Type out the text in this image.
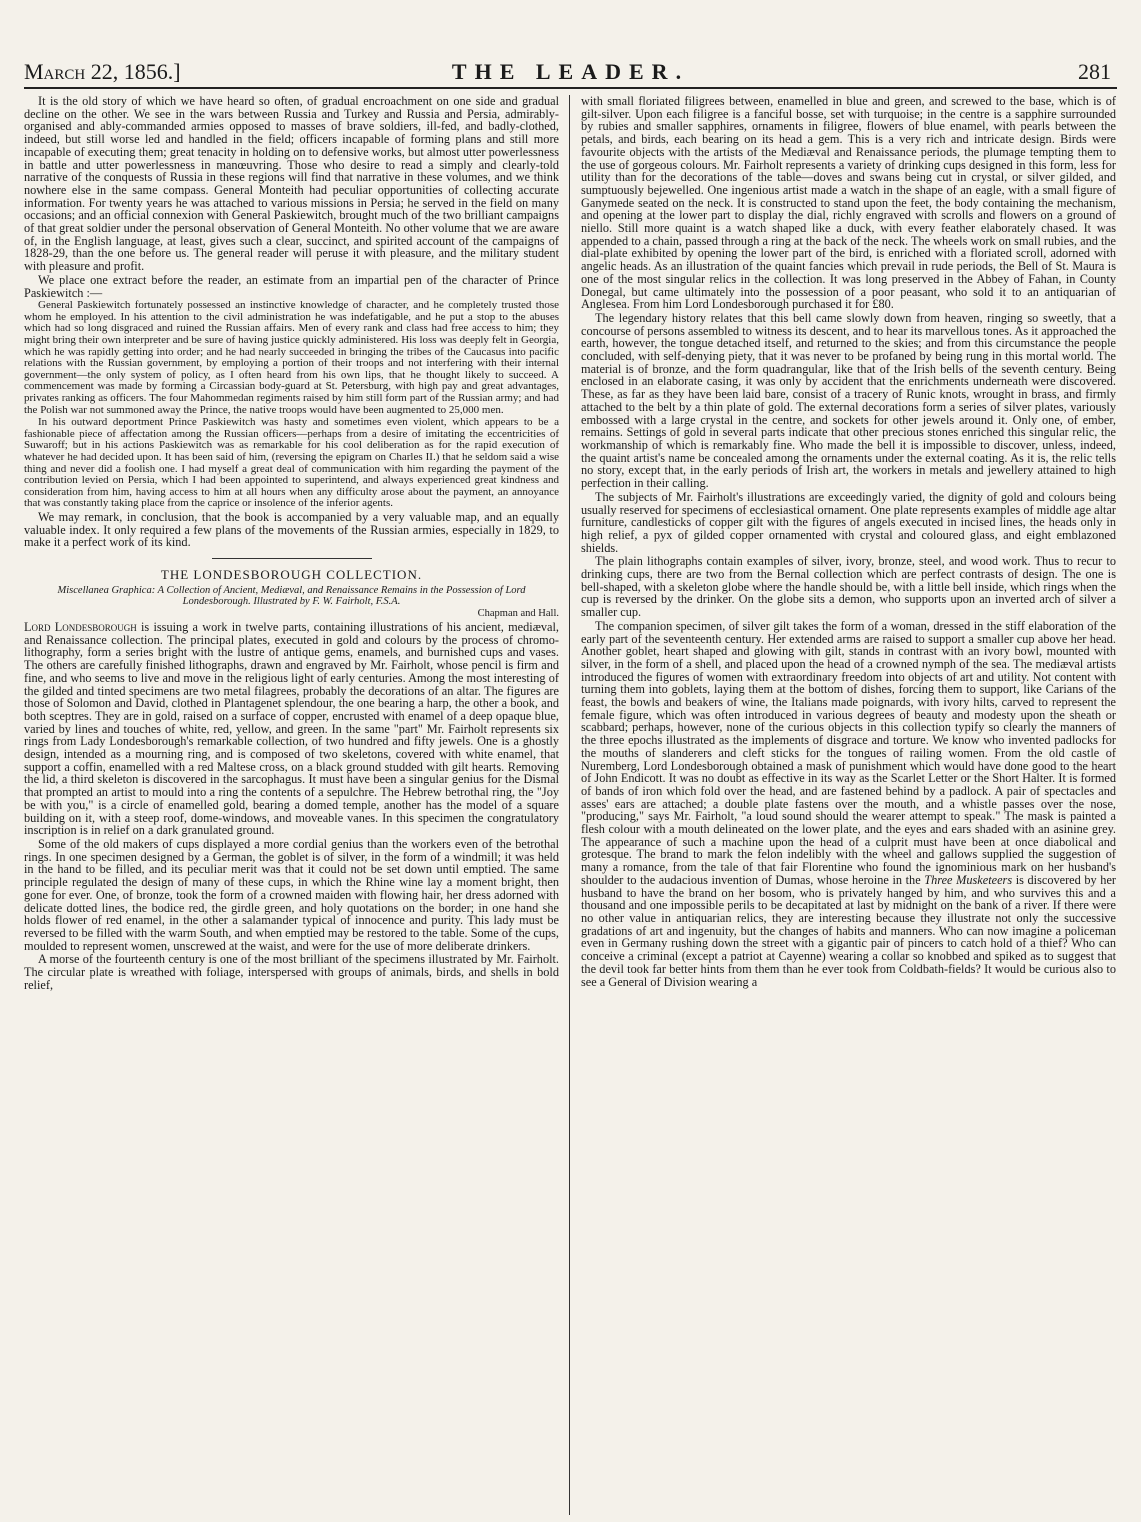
March 22, 1856.]	THE LEADER.	281

It is the old story of which we have heard so often, of gradual encroachment on one side and gradual decline on the other. We see in the wars between Russia and Turkey and Russia and Persia, admirably-organised and ably-commanded armies opposed to masses of brave soldiers, ill-fed, and badly-clothed, indeed, but still worse led and handled in the field; officers incapable of forming plans and still more incapable of executing them; great tenacity in holding on to defensive works, but almost utter powerlessness in battle and utter powerlessness in manœuvring. Those who desire to read a simply and clearly-told narrative of the conquests of Russia in these regions will find that narrative in these volumes, and we think nowhere else in the same compass. General Monteith had peculiar opportunities of collecting accurate information. For twenty years he was attached to various missions in Persia; he served in the field on many occasions; and an official connexion with General Paskiewitch, brought much of the two brilliant campaigns of that great soldier under the personal observation of General Monteith. No other volume that we are aware of, in the English language, at least, gives such a clear, succinct, and spirited account of the campaigns of 1828-29, than the one before us. The general reader will peruse it with pleasure, and the military student with pleasure and profit.

We place one extract before the reader, an estimate from an impartial pen of the character of Prince Paskiewitch :—

General Paskiewitch fortunately possessed an instinctive knowledge of character, and he completely trusted those whom he employed. In his attention to the civil administration he was indefatigable, and he put a stop to the abuses which had so long disgraced and ruined the Russian affairs. Men of every rank and class had free access to him; they might bring their own interpreter and be sure of having justice quickly administered. His loss was deeply felt in Georgia, which he was rapidly getting into order; and he had nearly succeeded in bringing the tribes of the Caucasus into pacific relations with the Russian government, by employing a portion of their troops and not interfering with their internal government—the only system of policy, as I often heard from his own lips, that he thought likely to succeed. A commencement was made by forming a Circassian body-guard at St. Petersburg, with high pay and great advantages, privates ranking as officers. The four Mahommedan regiments raised by him still form part of the Russian army; and had the Polish war not summoned away the Prince, the native troops would have been augmented to 25,000 men.

In his outward deportment Prince Paskiewitch was hasty and sometimes even violent, which appears to be a fashionable piece of affectation among the Russian officers—perhaps from a desire of imitating the eccentricities of Suwaroff; but in his actions Paskiewitch was as remarkable for his cool deliberation as for the rapid execution of whatever he had decided upon. It has been said of him, (reversing the epigram on Charles II.) that he seldom said a wise thing and never did a foolish one. I had myself a great deal of communication with him regarding the payment of the contribution levied on Persia, which I had been appointed to superintend, and always experienced great kindness and consideration from him, having access to him at all hours when any difficulty arose about the payment, an annoyance that was constantly taking place from the caprice or insolence of the inferior agents.

We may remark, in conclusion, that the book is accompanied by a very valuable map, and an equally valuable index. It only required a few plans of the movements of the Russian armies, especially in 1829, to make it a perfect work of its kind.

THE LONDESBOROUGH COLLECTION.
Miscellanea Graphica: A Collection of Ancient, Mediæval, and Renaissance Remains in the Possession of Lord Londesborough. Illustrated by F. W. Fairholt, F.S.A.
Chapman and Hall.

Lord Londesborough is issuing a work in twelve parts, containing illustrations of his ancient, mediæval, and Renaissance collection. The principal plates, executed in gold and colours by the process of chromo-lithography, form a series bright with the lustre of antique gems, enamels, and burnished cups and vases. The others are carefully finished lithographs, drawn and engraved by Mr. Fairholt, whose pencil is firm and fine, and who seems to live and move in the religious light of early centuries. Among the most interesting of the gilded and tinted specimens are two metal filagrees, probably the decorations of an altar. The figures are those of Solomon and David, clothed in Plantagenet splendour, the one bearing a harp, the other a book, and both sceptres. They are in gold, raised on a surface of copper, encrusted with enamel of a deep opaque blue, varied by lines and touches of white, red, yellow, and green. In the same "part" Mr. Fairholt represents six rings from Lady Londesborough's remarkable collection, of two hundred and fifty jewels. One is a ghostly design, intended as a mourning ring, and is composed of two skeletons, covered with white enamel, that support a coffin, enamelled with a red Maltese cross, on a black ground studded with gilt hearts. Removing the lid, a third skeleton is discovered in the sarcophagus. It must have been a singular genius for the Dismal that prompted an artist to mould into a ring the contents of a sepulchre. The Hebrew betrothal ring, the "Joy be with you," is a circle of enamelled gold, bearing a domed temple, another has the model of a square building on it, with a steep roof, dome-windows, and moveable vanes. In this specimen the congratulatory inscription is in relief on a dark granulated ground.

Some of the old makers of cups displayed a more cordial genius than the workers even of the betrothal rings. In one specimen designed by a German, the goblet is of silver, in the form of a windmill; it was held in the hand to be filled, and its peculiar merit was that it could not be set down until emptied. The same principle regulated the design of many of these cups, in which the Rhine wine lay a moment bright, then gone for ever. One, of bronze, took the form of a crowned maiden with flowing hair, her dress adorned with delicate dotted lines, the bodice red, the girdle green, and holy quotations on the border; in one hand she holds flower of red enamel, in the other a salamander typical of innocence and purity. This lady must be reversed to be filled with the warm South, and when emptied may be restored to the table. Some of the cups, moulded to represent women, unscrewed at the waist, and were for the use of more deliberate drinkers.

A morse of the fourteenth century is one of the most brilliant of the specimens illustrated by Mr. Fairholt. The circular plate is wreathed with foliage, interspersed with groups of animals, birds, and shells in bold relief,

with small floriated filigrees between, enamelled in blue and green, and screwed to the base, which is of gilt-silver. Upon each filigree is a fanciful bosse, set with turquoise; in the centre is a sapphire surrounded by rubies and smaller sapphires, ornaments in filigree, flowers of blue enamel, with pearls between the petals, and birds, each bearing on its head a gem. This is a very rich and intricate design. Birds were favourite objects with the artists of the Mediæval and Renaissance periods, the plumage tempting them to the use of gorgeous colours. Mr. Fairholt represents a variety of drinking cups designed in this form, less for utility than for the decorations of the table—doves and swans being cut in crystal, or silver gilded, and sumptuously bejewelled. One ingenious artist made a watch in the shape of an eagle, with a small figure of Ganymede seated on the neck. It is constructed to stand upon the feet, the body containing the mechanism, and opening at the lower part to display the dial, richly engraved with scrolls and flowers on a ground of niello. Still more quaint is a watch shaped like a duck, with every feather elaborately chased. It was appended to a chain, passed through a ring at the back of the neck. The wheels work on small rubies, and the dial-plate exhibited by opening the lower part of the bird, is enriched with a floriated scroll, adorned with angelic heads. As an illustration of the quaint fancies which prevail in rude periods, the Bell of St. Maura is one of the most singular relics in the collection. It was long preserved in the Abbey of Fahan, in County Donegal, but came ultimately into the possession of a poor peasant, who sold it to an antiquarian of Anglesea. From him Lord Londesborough purchased it for £80.

The legendary history relates that this bell came slowly down from heaven, ringing so sweetly, that a concourse of persons assembled to witness its descent, and to hear its marvellous tones. As it approached the earth, however, the tongue detached itself, and returned to the skies; and from this circumstance the people concluded, with self-denying piety, that it was never to be profaned by being rung in this mortal world. The material is of bronze, and the form quadrangular, like that of the Irish bells of the seventh century. Being enclosed in an elaborate casing, it was only by accident that the enrichments underneath were discovered. These, as far as they have been laid bare, consist of a tracery of Runic knots, wrought in brass, and firmly attached to the belt by a thin plate of gold. The external decorations form a series of silver plates, variously embossed with a large crystal in the centre, and sockets for other jewels around it. Only one, of ember, remains. Settings of gold in several parts indicate that other precious stones enriched this singular relic, the workmanship of which is remarkably fine. Who made the bell it is impossible to discover, unless, indeed, the quaint artist's name be concealed among the ornaments under the external coating. As it is, the relic tells no story, except that, in the early periods of Irish art, the workers in metals and jewellery attained to high perfection in their calling.

The subjects of Mr. Fairholt's illustrations are exceedingly varied, the dignity of gold and colours being usually reserved for specimens of ecclesiastical ornament. One plate represents examples of middle age altar furniture, candlesticks of copper gilt with the figures of angels executed in incised lines, the heads only in high relief, a pyx of gilded copper ornamented with crystal and coloured glass, and eight emblazoned shields.

The plain lithographs contain examples of silver, ivory, bronze, steel, and wood work. Thus to recur to drinking cups, there are two from the Bernal collection which are perfect contrasts of design. The one is bell-shaped, with a skeleton globe where the handle should be, with a little bell inside, which rings when the cup is reversed by the drinker. On the globe sits a demon, who supports upon an inverted arch of silver a smaller cup.

The companion specimen, of silver gilt takes the form of a woman, dressed in the stiff elaboration of the early part of the seventeenth century. Her extended arms are raised to support a smaller cup above her head. Another goblet, heart shaped and glowing with gilt, stands in contrast with an ivory bowl, mounted with silver, in the form of a shell, and placed upon the head of a crowned nymph of the sea. The mediæval artists introduced the figures of women with extraordinary freedom into objects of art and utility. Not content with turning them into goblets, laying them at the bottom of dishes, forcing them to support, like Carians of the feast, the bowls and beakers of wine, the Italians made poignards, with ivory hilts, carved to represent the female figure, which was often introduced in various degrees of beauty and modesty upon the sheath or scabbard; perhaps, however, none of the curious objects in this collection typify so clearly the manners of the three epochs illustrated as the implements of disgrace and torture. We know who invented padlocks for the mouths of slanderers and cleft sticks for the tongues of railing women. From the old castle of Nuremberg, Lord Londesborough obtained a mask of punishment which would have done good to the heart of John Endicott. It was no doubt as effective in its way as the Scarlet Letter or the Short Halter. It is formed of bands of iron which fold over the head, and are fastened behind by a padlock. A pair of spectacles and asses' ears are attached; a double plate fastens over the mouth, and a whistle passes over the nose, "producing," says Mr. Fairholt, "a loud sound should the wearer attempt to speak." The mask is painted a flesh colour with a mouth delineated on the lower plate, and the eyes and ears shaded with an asinine grey. The appearance of such a machine upon the head of a culprit must have been at once diabolical and grotesque. The brand to mark the felon indelibly with the wheel and gallows supplied the suggestion of many a romance, from the tale of that fair Florentine who found the ignominious mark on her husband's shoulder to the audacious invention of Dumas, whose heroine in the Three Musketeers is discovered by her husband to have the brand on her bosom, who is privately hanged by him, and who survives this and a thousand and one impossible perils to be decapitated at last by midnight on the bank of a river. If there were no other value in antiquarian relics, they are interesting because they illustrate not only the successive gradations of art and ingenuity, but the changes of habits and manners. Who can now imagine a policeman even in Germany rushing down the street with a gigantic pair of pincers to catch hold of a thief? Who can conceive a criminal (except a patriot at Cayenne) wearing a collar so knobbed and spiked as to suggest that the devil took far better hints from them than he ever took from Coldbath-fields? It would be curious also to see a General of Division wearing a
